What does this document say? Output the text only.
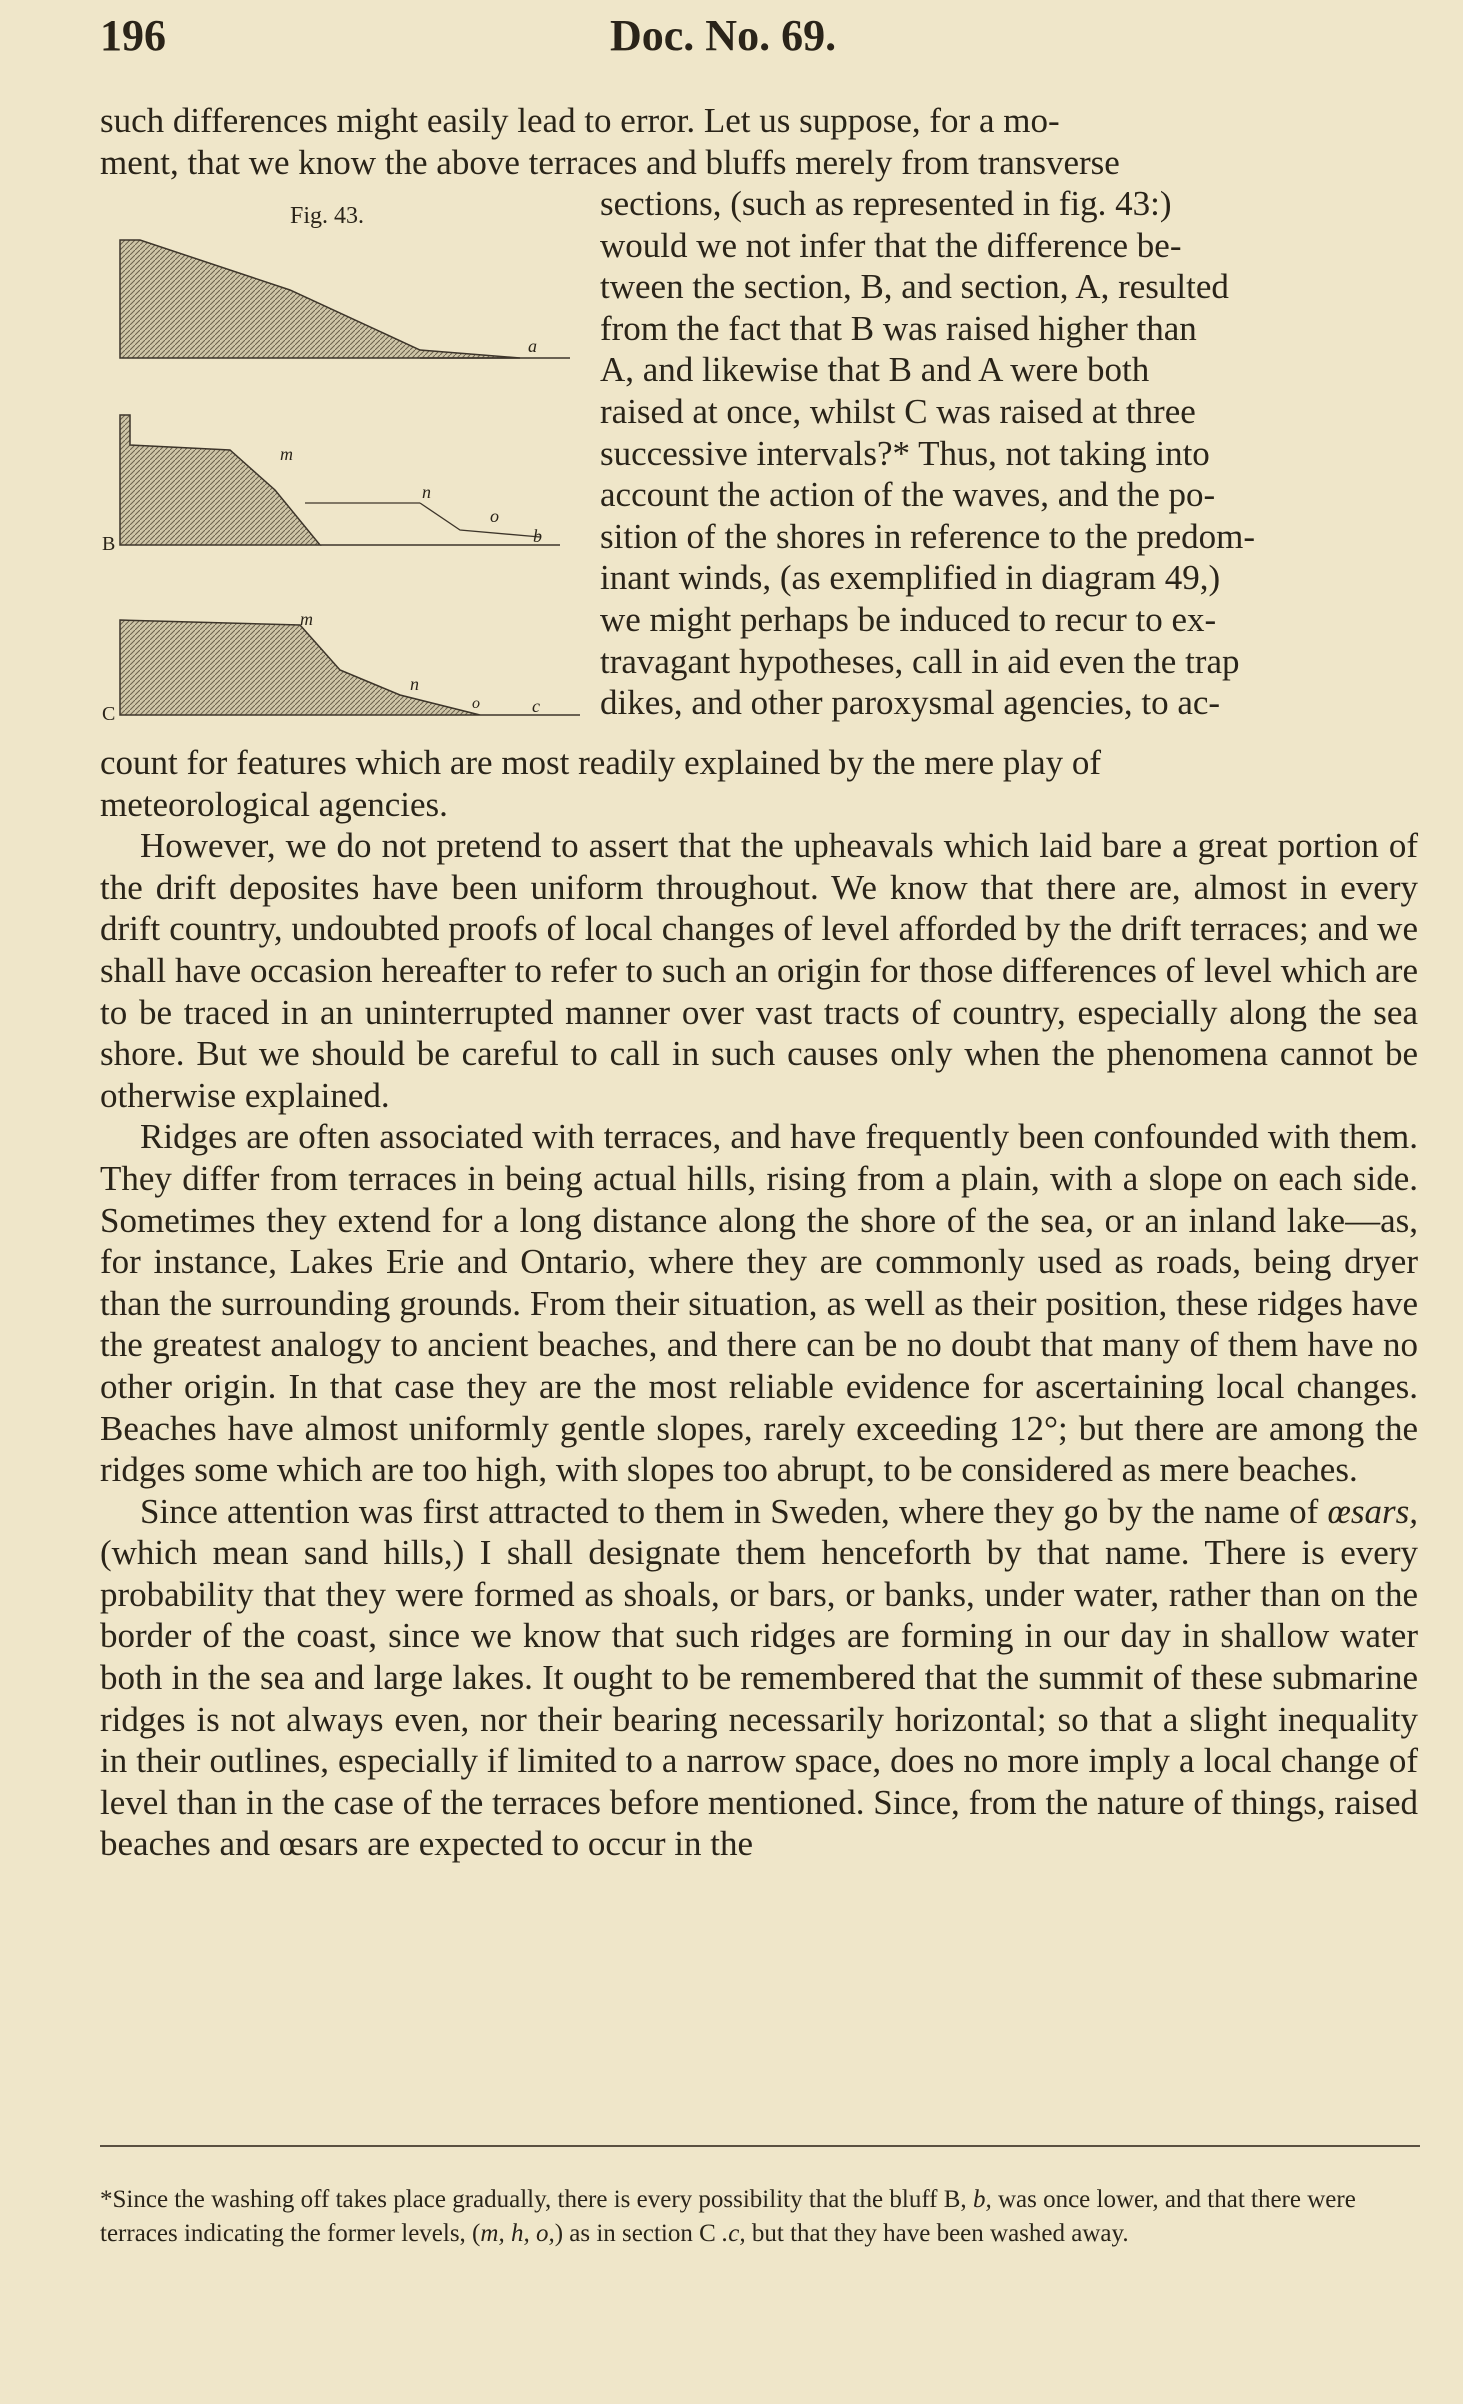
196	Doc. No. 69.
such differences might easily lead to error. Let us suppose, for a mo-
ment, that we know the above terraces and bluffs merely from transverse
Fig. 43.
a
m
n
o
b
B
m
n
o	c
C
sections, (such as represented in fig. 43:)
would we not infer that the difference be-
tween the section, B, and section, A, resulted
from the fact that B was raised higher than
A, and likewise that B and A were both
raised at once, whilst C was raised at three
successive intervals?* Thus, not taking into
account the action of the waves, and the po-
sition of the shores in reference to the predom-
inant winds, (as exemplified in diagram 49,)
we might perhaps be induced to recur to ex-
travagant hypotheses, call in aid even the trap
dikes, and other paroxysmal agencies, to ac-
count for features which are most readily explained by the mere play of
meteorological agencies.

However, we do not pretend to assert that the upheavals which laid bare a great portion of the drift deposites have been uniform throughout. We know that there are, almost in every drift country, undoubted proofs of local changes of level afforded by the drift terraces; and we shall have occasion hereafter to refer to such an origin for those differences of level which are to be traced in an uninterrupted manner over vast tracts of country, especially along the sea shore. But we should be careful to call in such causes only when the phenomena cannot be otherwise explained.

Ridges are often associated with terraces, and have frequently been confounded with them. They differ from terraces in being actual hills, rising from a plain, with a slope on each side. Sometimes they extend for a long distance along the shore of the sea, or an inland lake—as, for instance, Lakes Erie and Ontario, where they are commonly used as roads, being dryer than the surrounding grounds. From their situation, as well as their position, these ridges have the greatest analogy to ancient beaches, and there can be no doubt that many of them have no other origin. In that case they are the most reliable evidence for ascertaining local changes. Beaches have almost uniformly gentle slopes, rarely exceeding 12°; but there are among the ridges some which are too high, with slopes too abrupt, to be considered as mere beaches.

Since attention was first attracted to them in Sweden, where they go by the name of œsars, (which mean sand hills,) I shall designate them henceforth by that name. There is every probability that they were formed as shoals, or bars, or banks, under water, rather than on the border of the coast, since we know that such ridges are forming in our day in shallow water both in the sea and large lakes. It ought to be remembered that the summit of these submarine ridges is not always even, nor their bearing necessarily horizontal; so that a slight inequality in their outlines, especially if limited to a narrow space, does no more imply a local change of level than in the case of the terraces before mentioned. Since, from the nature of things, raised beaches and œsars are expected to occur in the

*Since the washing off takes place gradually, there is every possibility that the bluff B, b, was once lower, and that there were terraces indicating the former levels, (m, h, o,) as in section C .c, but that they have been washed away.
